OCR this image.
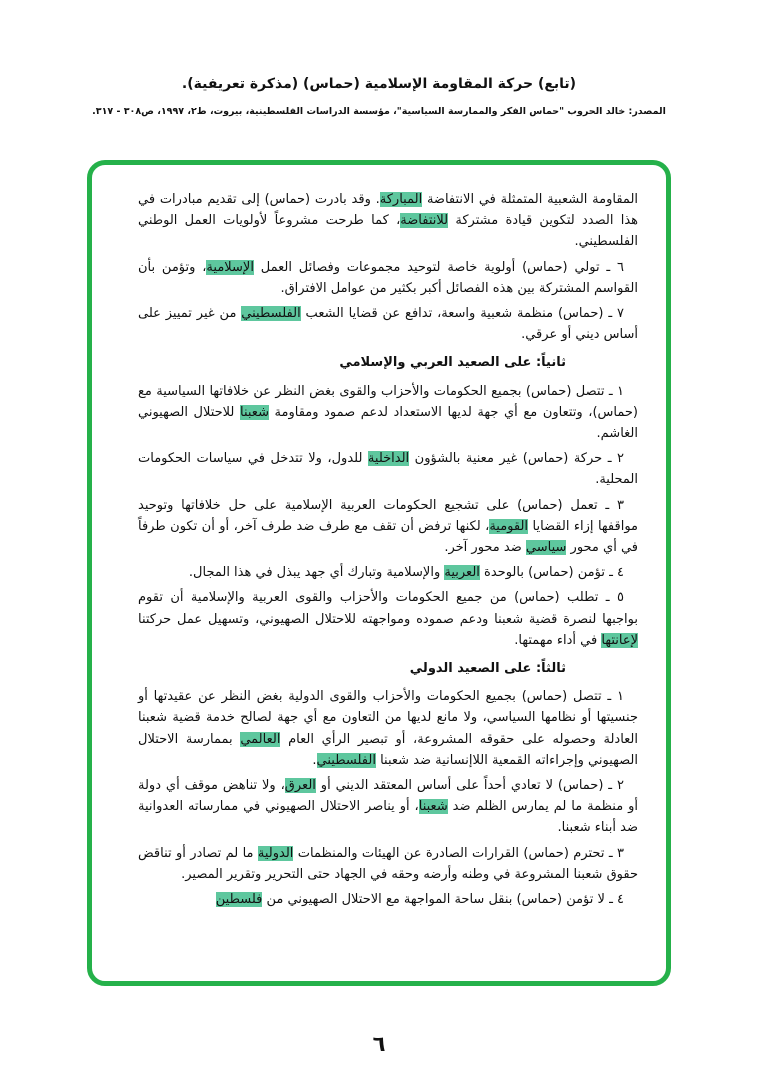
(تابع) حركة المقاومة الإسلامية (حماس) (مذكرة تعريفية).

المصدر: خالد الحروب "حماس الفكر والممارسة السياسية"، مؤسسة الدراسات الفلسطينية، بيروت، ط٢، ١٩٩٧، ص٣٠٨ - ٣١٧.

المقاومة الشعبية المتمثلة في الانتفاضة المباركة. وقد بادرت (حماس) إلى تقديم مبادرات في هذا الصدد لتكوين قيادة مشتركة للانتفاضة، كما طرحت مشروعاً لأولويات العمل الوطني الفلسطيني.

٦ ـ تولي (حماس) أولوية خاصة لتوحيد مجموعات وفصائل العمل الإسلامية، وتؤمن بأن القواسم المشتركة بين هذه الفصائل أكبر بكثير من عوامل الافتراق.

٧ ـ (حماس) منظمة شعبية واسعة، تدافع عن قضايا الشعب الفلسطيني من غير تمييز على أساس ديني أو عرقي.

ثانياً: على الصعيد العربي والإسلامي

١ ـ تتصل (حماس) بجميع الحكومات والأحزاب والقوى بغض النظر عن خلافاتها السياسية مع (حماس)، وتتعاون مع أي جهة لديها الاستعداد لدعم صمود ومقاومة شعبنا للاحتلال الصهيوني الغاشم.

٢ ـ حركة (حماس) غير معنية بالشؤون الداخلية للدول، ولا تتدخل في سياسات الحكومات المحلية.

٣ ـ تعمل (حماس) على تشجيع الحكومات العربية الإسلامية على حل خلافاتها وتوحيد مواقفها إزاء القضايا القومية، لكنها ترفض أن تقف مع طرف ضد طرف آخر، أو أن تكون طرفاً في أي محور سياسي ضد محور آخر.

٤ ـ تؤمن (حماس) بالوحدة العربية والإسلامية وتبارك أي جهد يبذل في هذا المجال.

٥ ـ تطلب (حماس) من جميع الحكومات والأحزاب والقوى العربية والإسلامية أن تقوم بواجبها لنصرة قضية شعبنا ودعم صموده ومواجهته للاحتلال الصهيوني، وتسهيل عمل حركتنا لإعانتها في أداء مهمتها.

ثالثاً: على الصعيد الدولي

١ ـ تتصل (حماس) بجميع الحكومات والأحزاب والقوى الدولية بغض النظر عن عقيدتها أو جنسيتها أو نظامها السياسي، ولا مانع لديها من التعاون مع أي جهة لصالح خدمة قضية شعبنا العادلة وحصوله على حقوقه المشروعة، أو تبصير الرأي العام العالمي بممارسة الاحتلال الصهيوني وإجراءاته القمعية اللاإنسانية ضد شعبنا الفلسطيني.

٢ ـ (حماس) لا تعادي أحداً على أساس المعتقد الديني أو العرق، ولا تناهض موقف أي دولة أو منظمة ما لم يمارس الظلم ضد شعبنا، أو يناصر الاحتلال الصهيوني في ممارساته العدوانية ضد أبناء شعبنا.

٣ ـ تحترم (حماس) القرارات الصادرة عن الهيئات والمنظمات الدولية ما لم تصادر أو تناقض حقوق شعبنا المشروعة في وطنه وأرضه وحقه في الجهاد حتى التحرير وتقرير المصير.

٤ ـ لا تؤمن (حماس) بنقل ساحة المواجهة مع الاحتلال الصهيوني من فلسطين

٦
